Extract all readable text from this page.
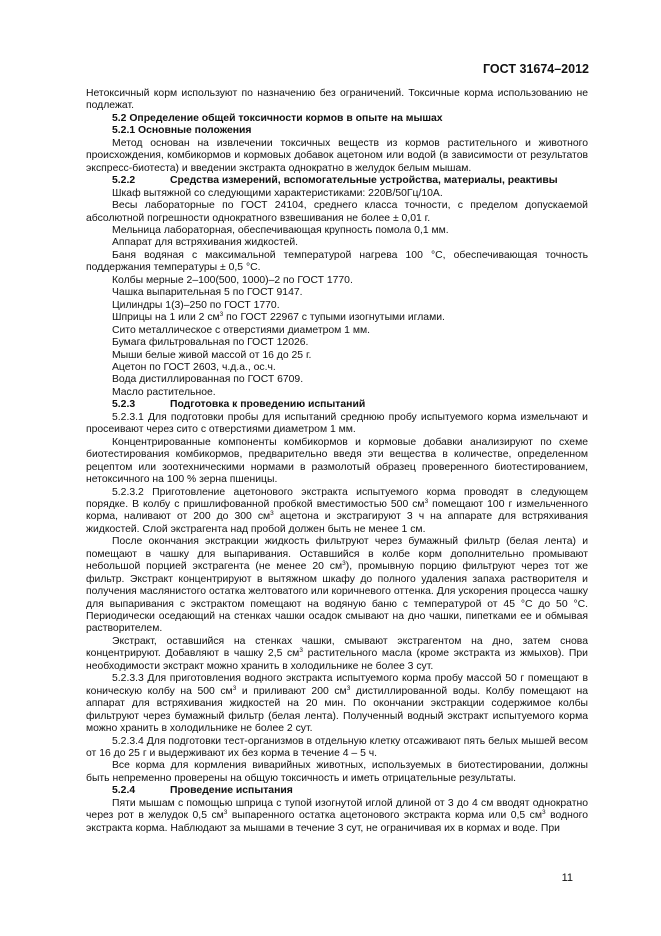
ГОСТ 31674–2012

Нетоксичный корм используют по назначению без ограничений. Токсичные корма использованию не подлежат.

5.2 Определение общей токсичности кормов в опыте на мышах

5.2.1 Основные положения

Метод основан на извлечении токсичных веществ из кормов растительного и животного происхождения, комбикормов и кормовых добавок ацетоном или водой (в зависимости от результатов экспресс-биотеста) и введении экстракта однократно в желудок белым мышам.

5.2.2	Средства измерений, вспомогательные устройства, материалы, реактивы

Шкаф вытяжной со следующими характеристиками: 220В/50Гц/10А.

Весы лабораторные по ГОСТ 24104, среднего класса точности, с пределом допускаемой абсолютной погрешности однократного взвешивания не более ± 0,01 г.

Мельница лабораторная, обеспечивающая крупность помола 0,1 мм.

Аппарат для встряхивания жидкостей.

Баня водяная с максимальной температурой нагрева 100 °С, обеспечивающая точность поддержания температуры ± 0,5 °С.

Колбы мерные 2–100(500, 1000)–2 по ГОСТ 1770.

Чашка выпарительная 5 по ГОСТ 9147.

Цилиндры 1(3)–250 по ГОСТ 1770.

Шприцы на 1 или 2 $см^3$ по ГОСТ 22967 с тупыми изогнутыми иглами.

Сито металлическое с отверстиями диаметром 1 мм.

Бумага фильтровальная по ГОСТ 12026.

Мыши белые живой массой от 16 до 25 г.

Ацетон по ГОСТ 2603, ч.д.а., ос.ч.

Вода дистиллированная по ГОСТ 6709.

Масло растительное.

5.2.3	Подготовка к проведению испытаний

5.2.3.1 Для подготовки пробы для испытаний среднюю пробу испытуемого корма измельчают и просеивают через сито с отверстиями диаметром 1 мм.

Концентрированные компоненты комбикормов и кормовые добавки анализируют по схеме биотестирования комбикормов, предварительно введя эти вещества в количестве, определенном рецептом или зоотехническими нормами в размолотый образец проверенного биотестированием, нетоксичного на 100 % зерна пшеницы.

5.2.3.2 Приготовление ацетонового экстракта испытуемого корма проводят в следующем порядке. В колбу с пришлифованной пробкой вместимостью 500 $см^3$ помещают 100 г измельченного корма, наливают от 200 до 300 $см^3$ ацетона и экстрагируют 3 ч на аппарате для встряхивания жидкостей. Слой экстрагента над пробой должен быть не менее 1 см.

После окончания экстракции жидкость фильтруют через бумажный фильтр (белая лента) и помещают в чашку для выпаривания. Оставшийся в колбе корм дополнительно промывают небольшой порцией экстрагента (не менее 20 $см^3$), промывную порцию фильтруют через тот же фильтр. Экстракт концентрируют в вытяжном шкафу до полного удаления запаха растворителя и получения маслянистого остатка желтоватого или коричневого оттенка. Для ускорения процесса чашку для выпаривания с экстрактом помещают на водяную баню с температурой от 45 °С до 50 °С. Периодически оседающий на стенках чашки осадок смывают на дно чашки, пипетками ее и обмывая растворителем.

Экстракт, оставшийся на стенках чашки, смывают экстрагентом на дно, затем снова концентрируют. Добавляют в чашку 2,5 $см^3$ растительного масла (кроме экстракта из жмыхов). При необходимости экстракт можно хранить в холодильнике не более 3 сут.

5.2.3.3 Для приготовления водного экстракта испытуемого корма пробу массой 50 г помещают в коническую колбу на 500 $см^3$ и приливают 200 $см^3$ дистиллированной воды. Колбу помещают на аппарат для встряхивания жидкостей на 20 мин. По окончании экстракции содержимое колбы фильтруют через бумажный фильтр (белая лента). Полученный водный экстракт испытуемого корма можно хранить в холодильнике не более 2 сут.

5.2.3.4 Для подготовки тест-организмов в отдельную клетку отсаживают пять белых мышей весом от 16 до 25 г и выдерживают их без корма в течение 4 – 5 ч.

Все корма для кормления виварийных животных, используемых в биотестировании, должны быть непременно проверены на общую токсичность и иметь отрицательные результаты.

5.2.4	Проведение испытания

Пяти мышам с помощью шприца с тупой изогнутой иглой длиной от 3 до 4 см вводят однократно через рот в желудок 0,5 $см^3$ выпаренного остатка ацетонового экстракта корма или 0,5 $см^3$ водного экстракта корма. Наблюдают за мышами в течение 3 сут, не ограничивая их в кормах и воде. При

11
